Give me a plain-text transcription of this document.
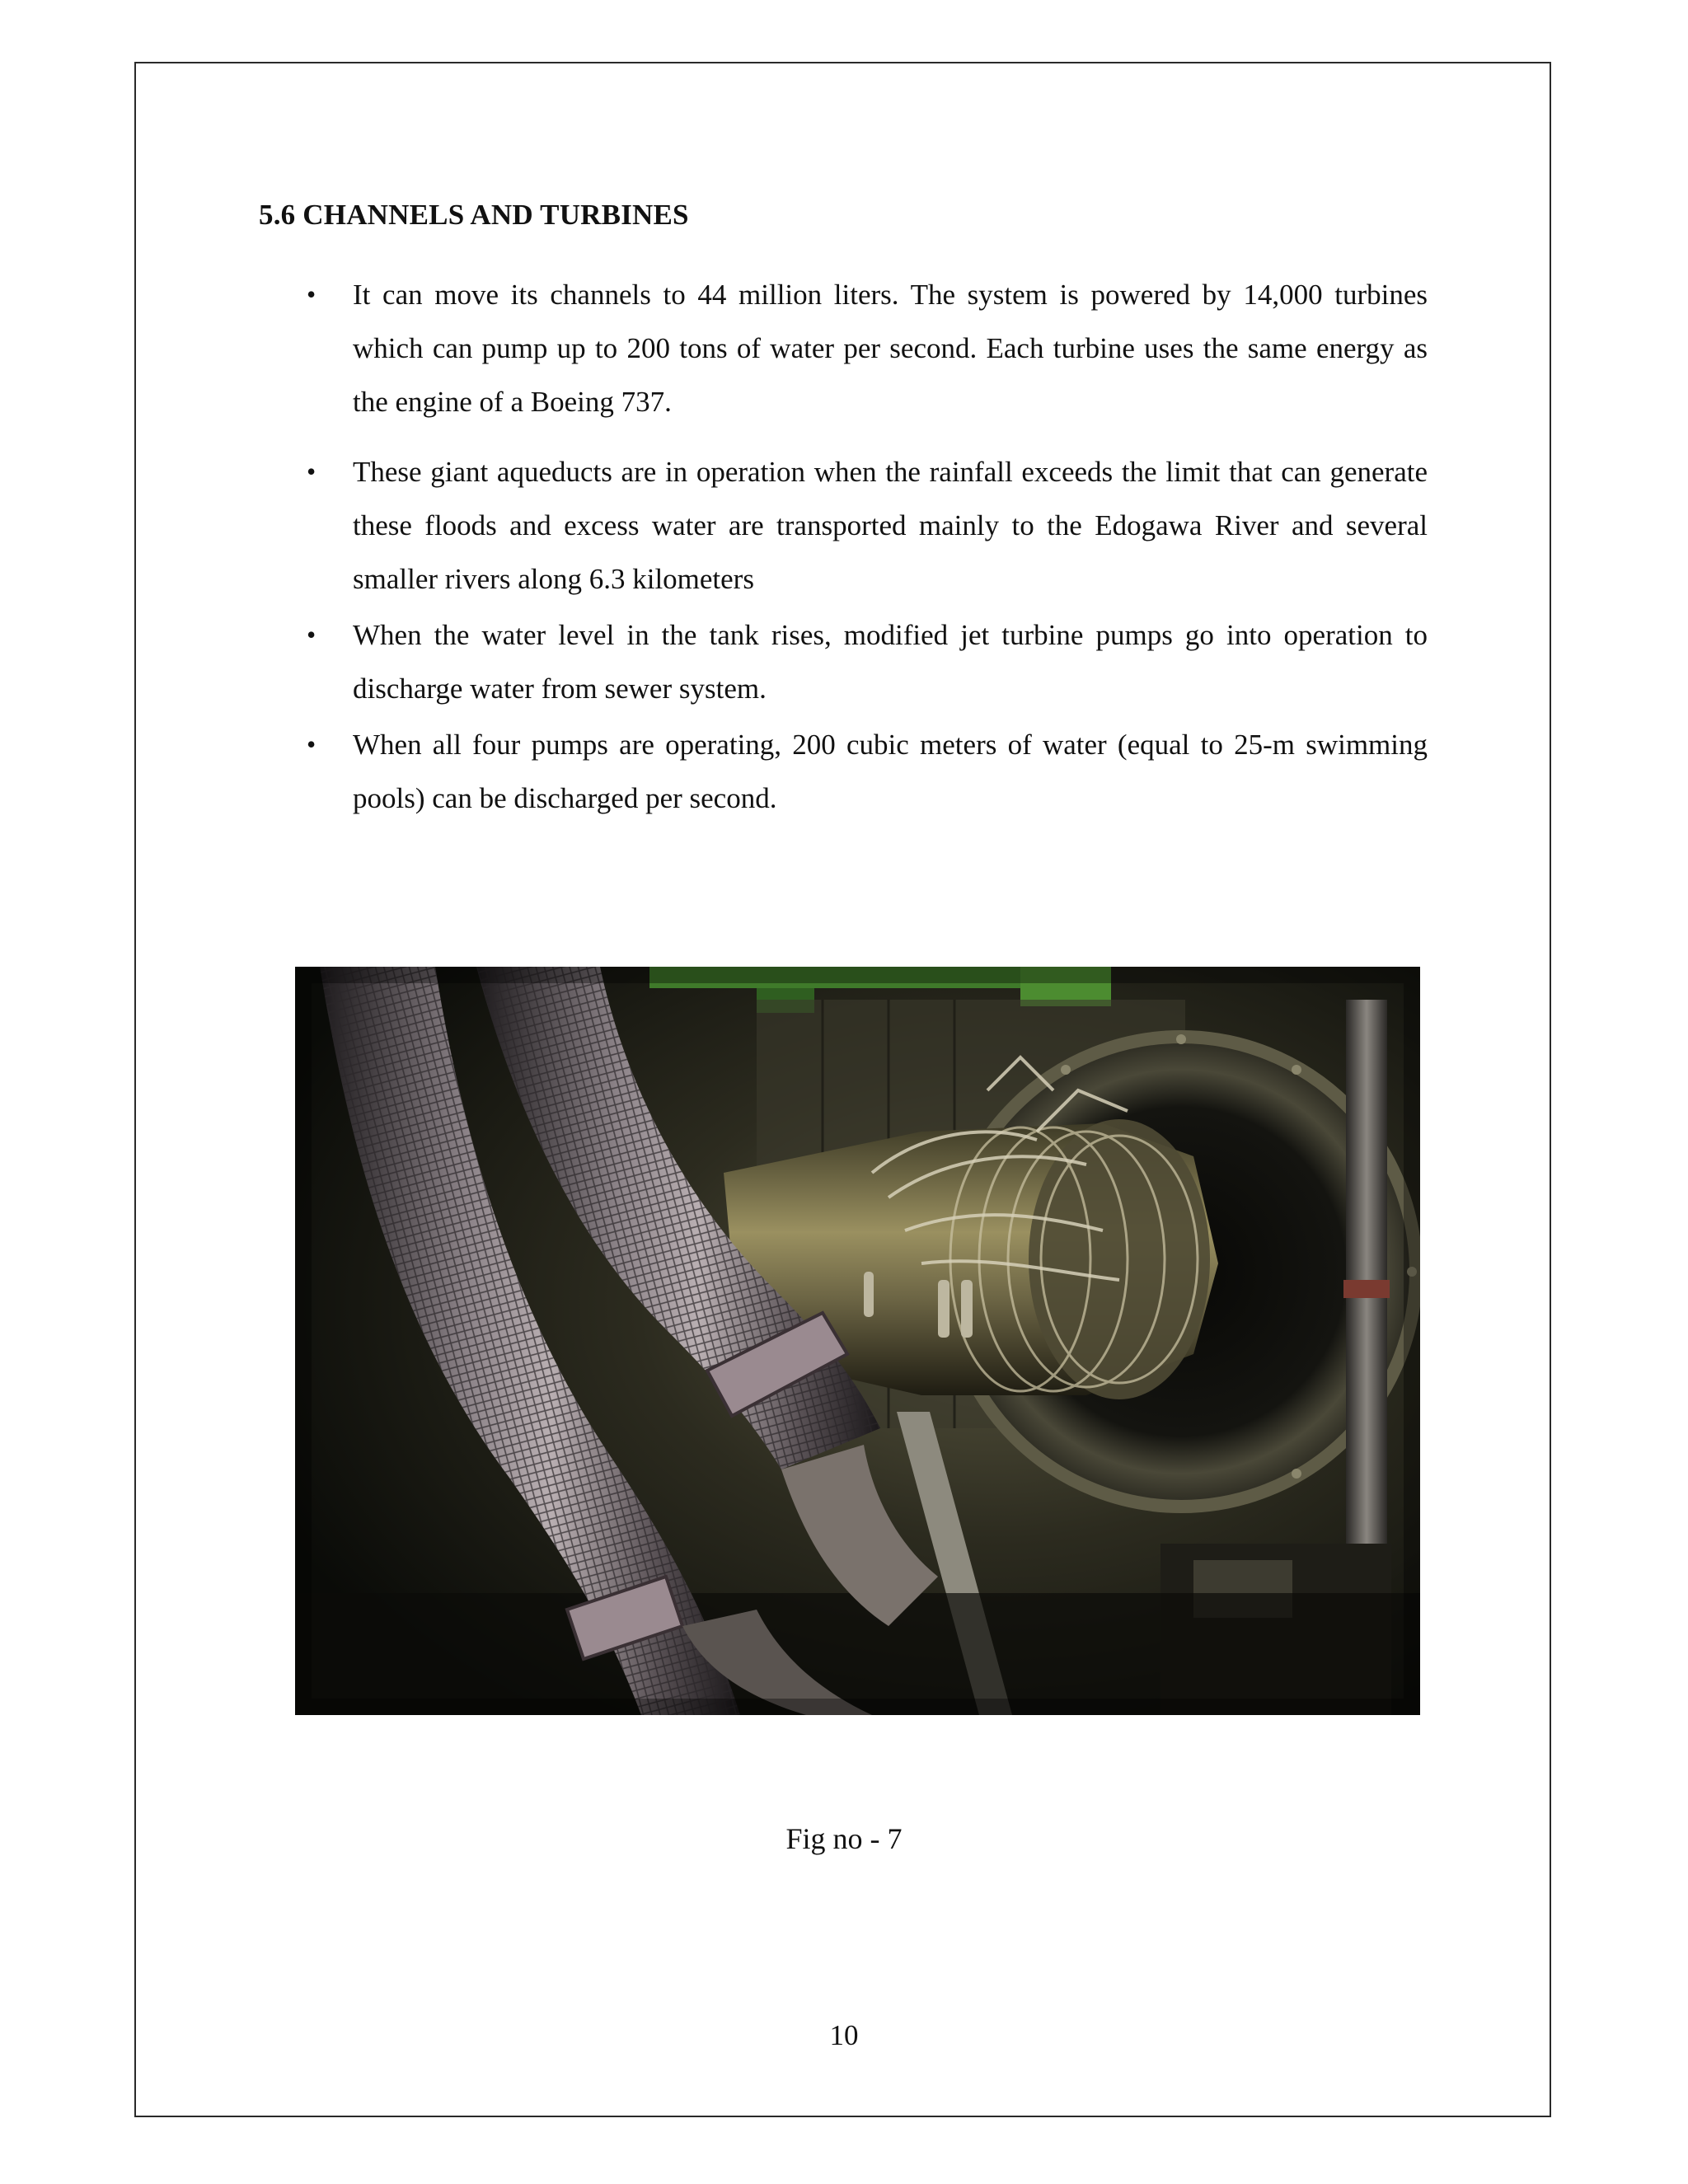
5.6 CHANNELS AND TURBINES
• It can move its channels to 44 million liters. The system is powered by 14,000 turbines which can pump up to 200 tons of water per second. Each turbine uses the same energy as the engine of a Boeing 737.
• These giant aqueducts are in operation when the rainfall exceeds the limit that can generate these floods and excess water are transported mainly to the Edogawa River and several smaller rivers along 6.3 kilometers
• When the water level in the tank rises, modified jet turbine pumps go into operation to discharge water from sewer system.
• When all four pumps are operating, 200 cubic meters of water (equal to 25-m swimming pools) can be discharged per second.
Fig no - 7
10
